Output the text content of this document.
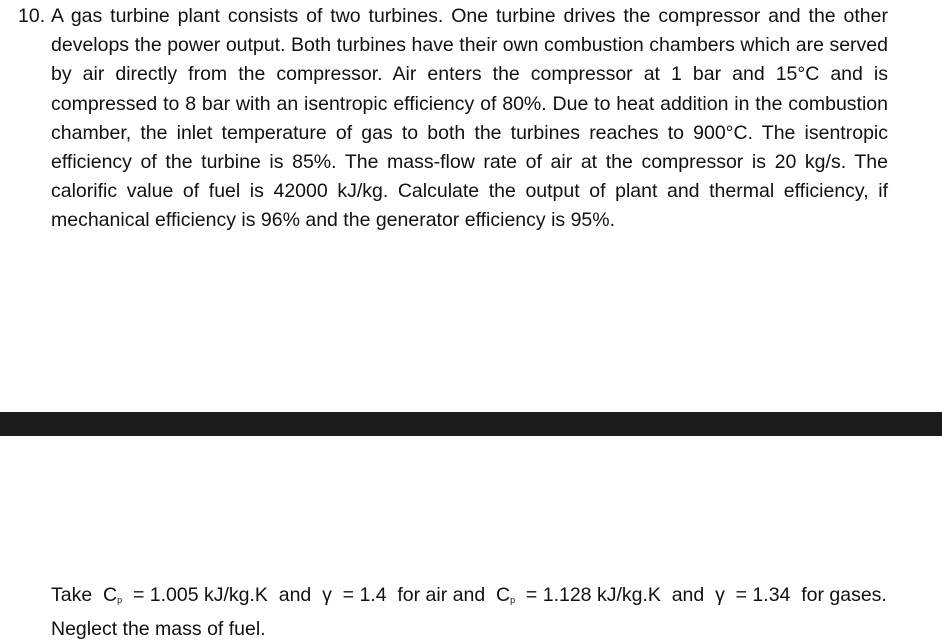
10. A gas turbine plant consists of two turbines. One turbine drives the compressor and the other develops the power output. Both turbines have their own combustion chambers which are served by air directly from the compressor. Air enters the compressor at 1 bar and 15°C and is compressed to 8 bar with an isentropic efficiency of 80%. Due to heat addition in the combustion chamber, the inlet temperature of gas to both the turbines reaches to 900°C. The isentropic efficiency of the turbine is 85%. The mass-flow rate of air at the compressor is 20 kg/s. The calorific value of fuel is 42000 kJ/kg. Calculate the output of plant and thermal efficiency, if mechanical efficiency is 96% and the generator efficiency is 95%.
Take $C_p = 1.005$ kJ/kg.K and γ = 1.4 for air and $C_p = 1.128$ kJ/kg.K and γ = 1.34 for gases.
Neglect the mass of fuel.
